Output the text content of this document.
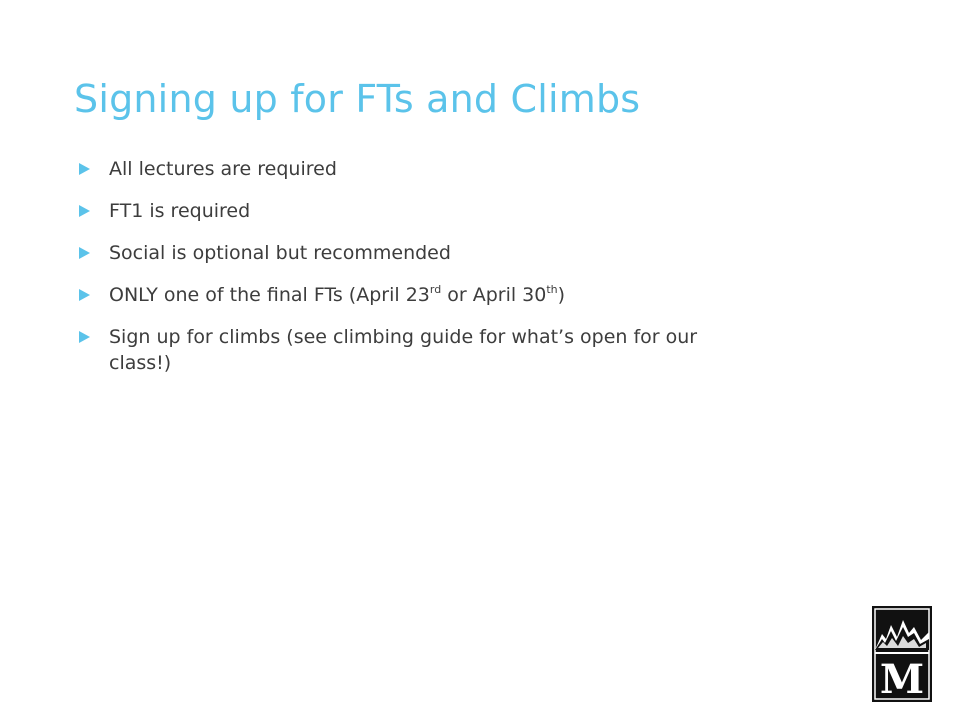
Signing up for FTs and Climbs
All lectures are required
FT1 is required
Social is optional but recommended
ONLY one of the final FTs (April 23rd or April 30th)
Sign up for climbs (see climbing guide for what’s open for our class!)
M
